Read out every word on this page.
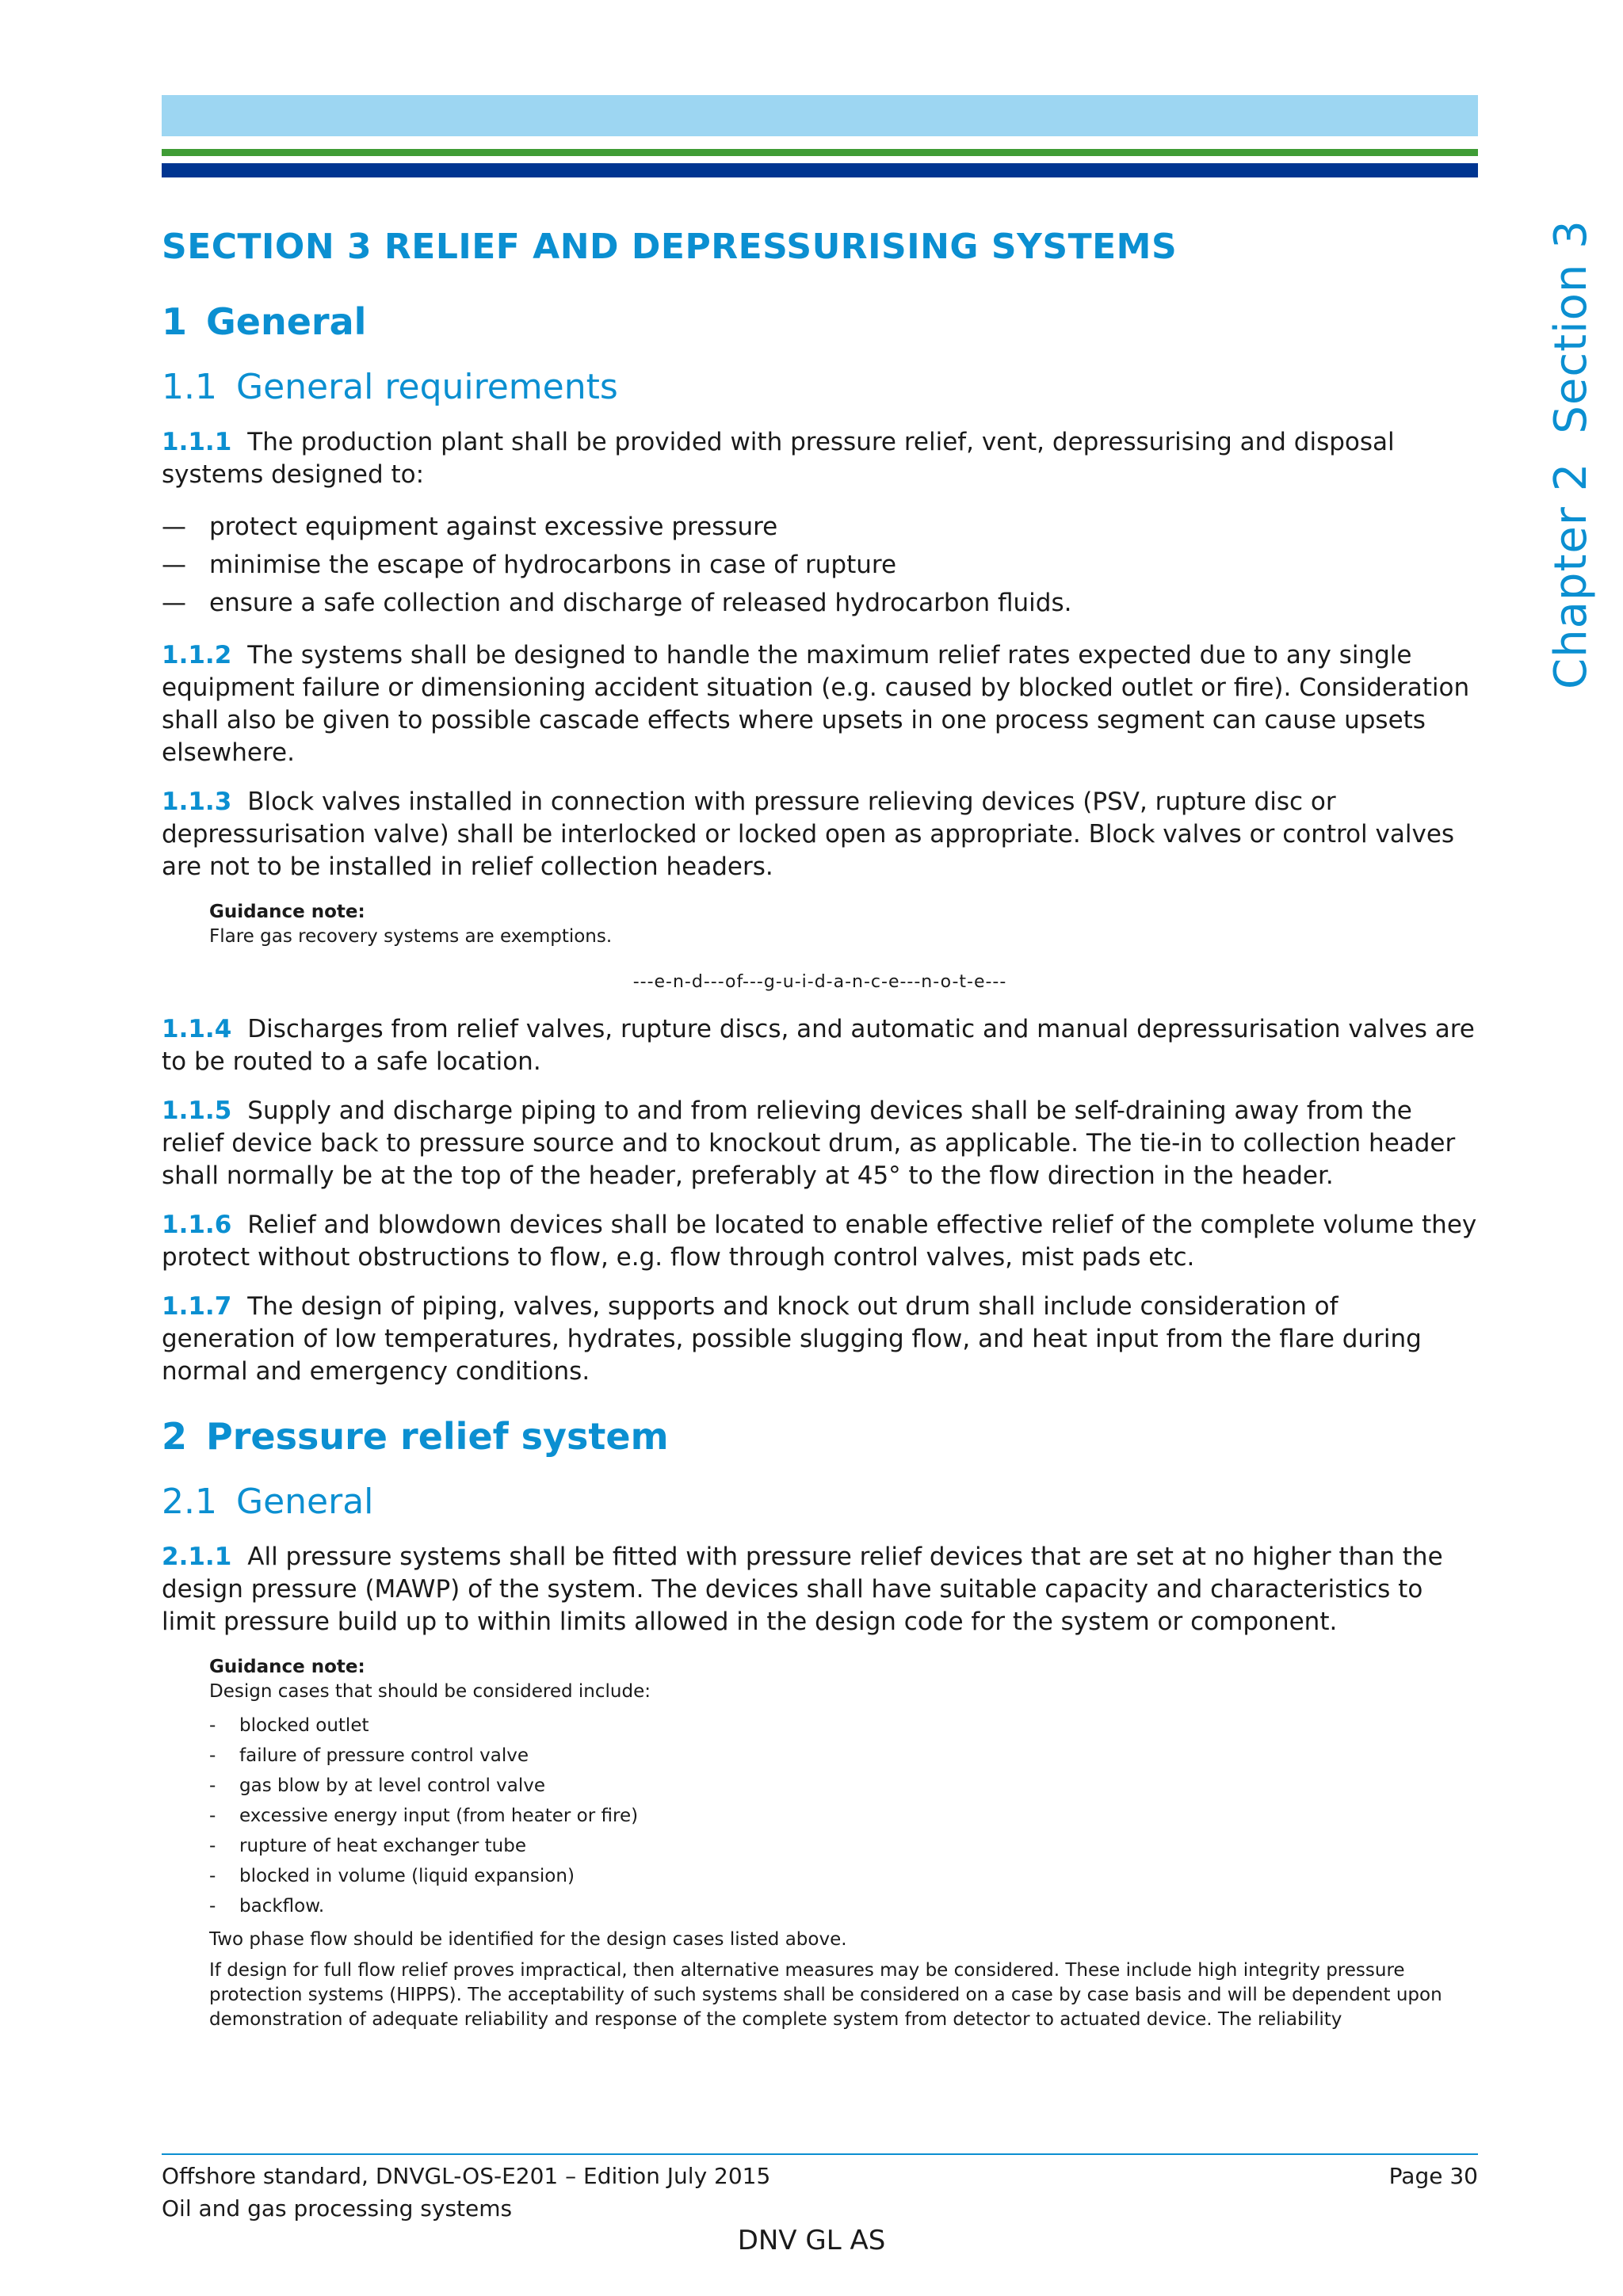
Chapter 2Section 3
SECTION 3 RELIEF AND DEPRESSURISING SYSTEMS
1 General
1.1 General requirements

1.1.1 The production plant shall be provided with pressure relief, vent, depressurising and disposal systems designed to:

— protect equipment against excessive pressure
— minimise the escape of hydrocarbons in case of rupture
— ensure a safe collection and discharge of released hydrocarbon fluids.

1.1.2 The systems shall be designed to handle the maximum relief rates expected due to any single equipment failure or dimensioning accident situation (e.g. caused by blocked outlet or fire). Consideration shall also be given to possible cascade effects where upsets in one process segment can cause upsets elsewhere.

1.1.3 Block valves installed in connection with pressure relieving devices (PSV, rupture disc or depressurisation valve) shall be interlocked or locked open as appropriate. Block valves or control valves are not to be installed in relief collection headers.

Guidance note:
Flare gas recovery systems are exemptions.
---e-n-d---of---g-u-i-d-a-n-c-e---n-o-t-e---

1.1.4 Discharges from relief valves, rupture discs, and automatic and manual depressurisation valves are to be routed to a safe location.

1.1.5 Supply and discharge piping to and from relieving devices shall be self-draining away from the relief device back to pressure source and to knockout drum, as applicable. The tie-in to collection header shall normally be at the top of the header, preferably at 45° to the flow direction in the header.

1.1.6 Relief and blowdown devices shall be located to enable effective relief of the complete volume they protect without obstructions to flow, e.g. flow through control valves, mist pads etc.

1.1.7 The design of piping, valves, supports and knock out drum shall include consideration of generation of low temperatures, hydrates, possible slugging flow, and heat input from the flare during normal and emergency conditions.

2 Pressure relief system
2.1 General

2.1.1 All pressure systems shall be fitted with pressure relief devices that are set at no higher than the design pressure (MAWP) of the system. The devices shall have suitable capacity and characteristics to limit pressure build up to within limits allowed in the design code for the system or component.

Guidance note:
Design cases that should be considered include:
- blocked outlet
- failure of pressure control valve
- gas blow by at level control valve
- excessive energy input (from heater or fire)
- rupture of heat exchanger tube
- blocked in volume (liquid expansion)
- backflow.

Two phase flow should be identified for the design cases listed above.

If design for full flow relief proves impractical, then alternative measures may be considered. These include high integrity pressure protection systems (HIPPS). The acceptability of such systems shall be considered on a case by case basis and will be dependent upon demonstration of adequate reliability and response of the complete system from detector to actuated device. The reliability

Offshore standard, DNVGL-OS-E201 – Edition July 2015
Oil and gas processing systems
Page 30
DNV GL AS
